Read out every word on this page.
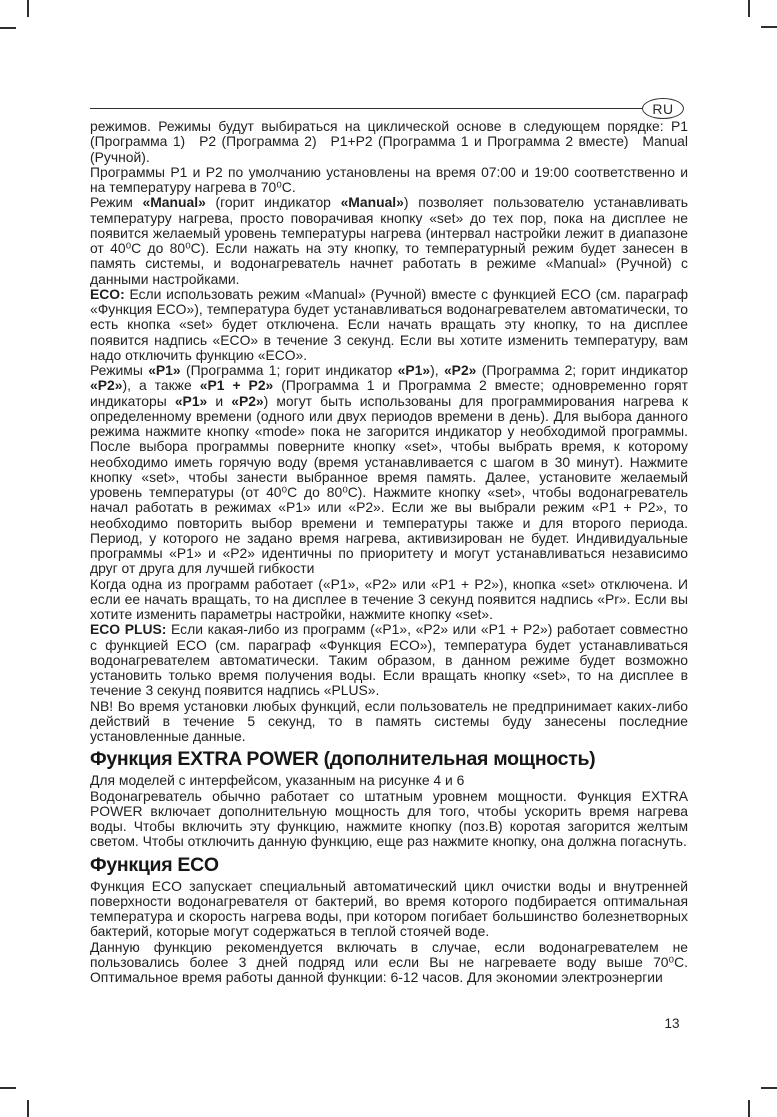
RU

режимов. Режимы будут выбираться на циклической основе в следующем порядке: P1 (Программа 1) P2 (Программа 2) P1+P2 (Программа 1 и Программа 2 вместе) Manual (Ручной).

Программы P1 и P2 по умолчанию установлены на время 07:00 и 19:00 соответственно и на температуру нагрева в 70⁰C.

Режим «Manual» (горит индикатор «Manual») позволяет пользователю устанавливать температуру нагрева, просто поворачивая кнопку «set» до тех пор, пока на дисплее не появится желаемый уровень температуры нагрева (интервал настройки лежит в диапазоне от 40⁰C до 80⁰C). Если нажать на эту кнопку, то температурный режим будет занесен в память системы, и водонагреватель начнет работать в режиме «Manual» (Ручной) с данными настройками.

ECO: Если использовать режим «Manual» (Ручной) вместе с функцией ECO (см. параграф «Функция ECO»), температура будет устанавливаться водонагревателем автоматически, то есть кнопка «set» будет отключена. Если начать вращать эту кнопку, то на дисплее появится надпись «ECO» в течение 3 секунд. Если вы хотите изменить температуру, вам надо отключить функцию «ECO».

Режимы «P1» (Программа 1; горит индикатор «P1»), «P2» (Программа 2; горит индикатор «P2»), а также «P1 + P2» (Программа 1 и Программа 2 вместе; одновременно горят индикаторы «P1» и «P2») могут быть использованы для программирования нагрева к определенному времени (одного или двух периодов времени в день). Для выбора данного режима нажмите кнопку «mode» пока не загорится индикатор у необходимой программы. После выбора программы поверните кнопку «set», чтобы выбрать время, к которому необходимо иметь горячую воду (время устанавливается с шагом в 30 минут). Нажмите кнопку «set», чтобы занести выбранное время память. Далее, установите желаемый уровень температуры (от 40⁰C до 80⁰C). Нажмите кнопку «set», чтобы водонагреватель начал работать в режимах «P1» или «P2». Если же вы выбрали режим «P1 + P2», то необходимо повторить выбор времени и температуры также и для второго периода. Период, у которого не задано время нагрева, активизирован не будет. Индивидуальные программы «P1» и «P2» идентичны по приоритету и могут устанавливаться независимо друг от друга для лучшей гибкости

Когда одна из программ работает («P1», «P2» или «P1 + P2»), кнопка «set» отключена. И если ее начать вращать, то на дисплее в течение 3 секунд появится надпись «Pr». Если вы хотите изменить параметры настройки, нажмите кнопку «set».

ECO PLUS: Если какая-либо из программ («P1», «P2» или «P1 + P2») работает совместно с функцией ECO (см. параграф «Функция ECO»), температура будет устанавливаться водонагревателем автоматически. Таким образом, в данном режиме будет возможно установить только время получения воды. Если вращать кнопку «set», то на дисплее в течение 3 секунд появится надпись «PLUS».

NB! Во время установки любых функций, если пользователь не предпринимает каких-либо действий в течение 5 секунд, то в память системы буду занесены последние установленные данные.

Функция EXTRA POWER (дополнительная мощность)

Для моделей с интерфейсом, указанным на рисунке 4 и 6

Водонагреватель обычно работает со штатным уровнем мощности. Функция EXTRA POWER включает дополнительную мощность для того, чтобы ускорить время нагрева воды. Чтобы включить эту функцию, нажмите кнопку (поз.В) коротая загорится желтым светом. Чтобы отключить данную функцию, еще раз нажмите кнопку, она должна погаснуть.

Функция ECO

Функция ECO запускает специальный автоматический цикл очистки воды и внутренней поверхности водонагревателя от бактерий, во время которого подбирается оптимальная температура и скорость нагрева воды, при котором погибает большинство болезнетворных бактерий, которые могут содержаться в теплой стоячей воде.

Данную функцию рекомендуется включать в случае, если водонагревателем не пользовались более 3 дней подряд или если Вы не нагреваете воду выше 70⁰C. Оптимальное время работы данной функции: 6-12 часов. Для экономии электроэнергии

13
